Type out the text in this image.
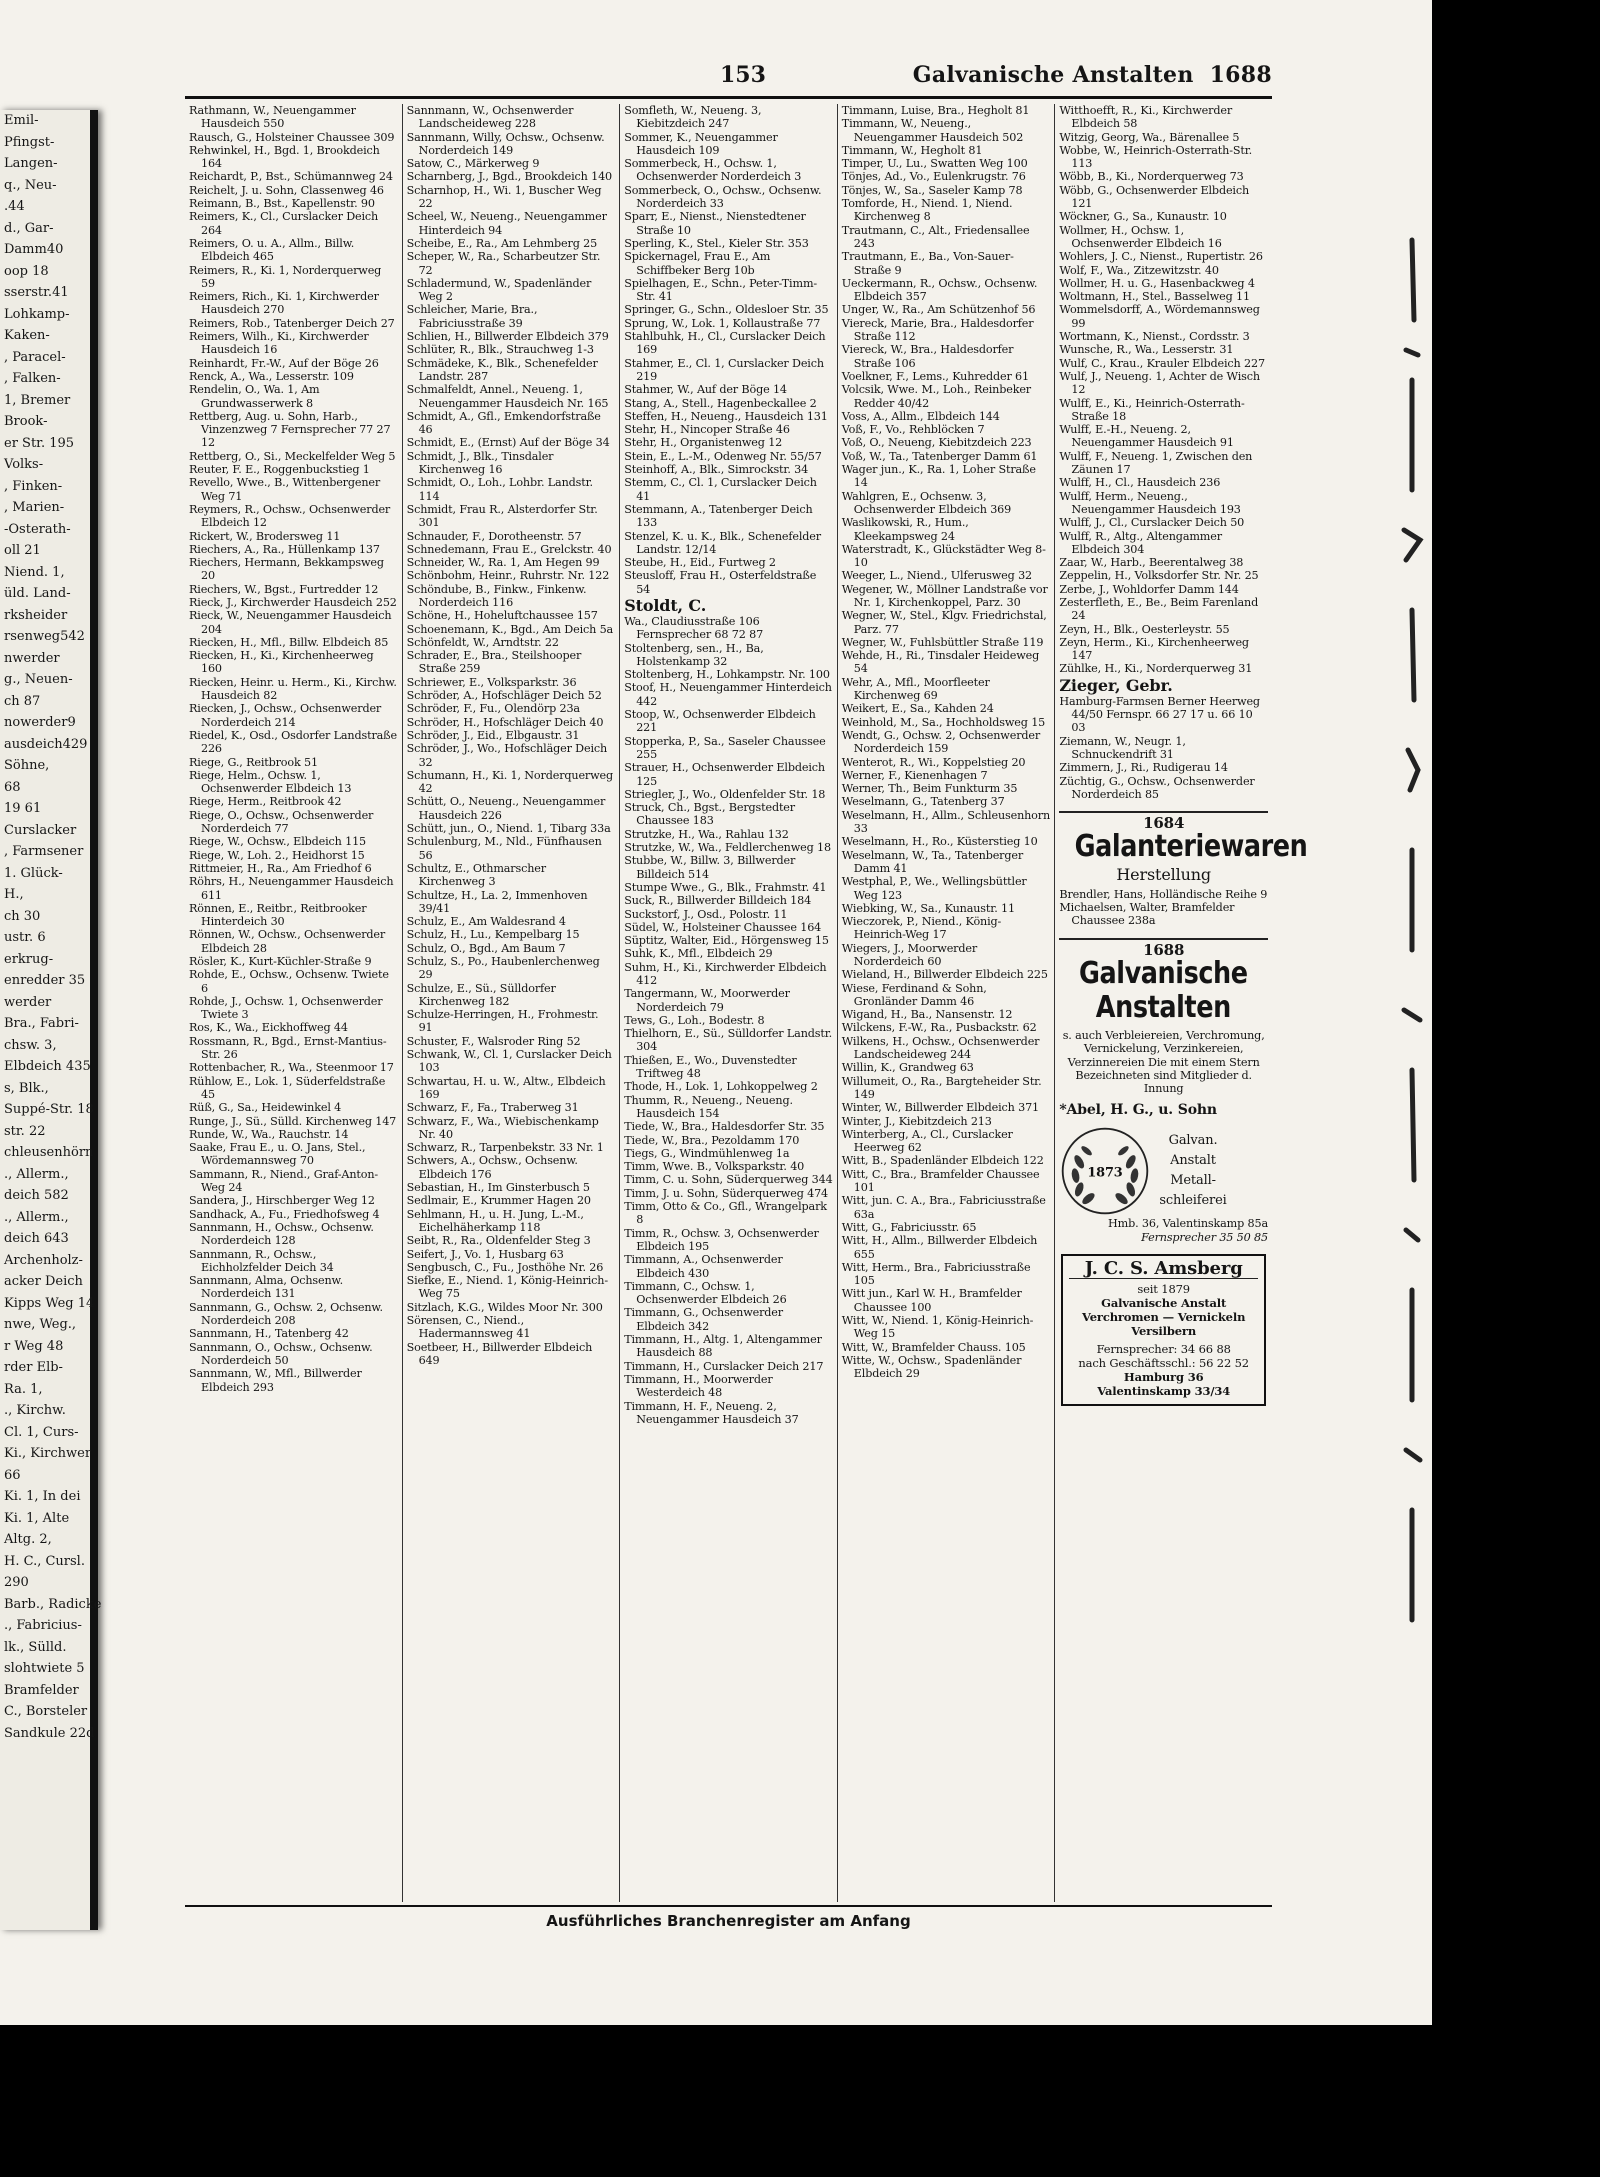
Emil-
Pfingst-
Langen-
q., Neu-
.44
d., Gar-
Damm40
oop 18
sserstr.41
Lohkamp-
Kaken-
, Paracel-
, Falken-
1, Bremer
Brook-
er Str. 195
Volks-
, Finken-
, Marien-
-Osterath-
oll 21
Niend. 1,
üld. Land-
rksheider
rsenweg542
nwerder
g., Neuen-
ch 87
nowerder9
ausdeich429
Söhne,
68
19 61
Curslacker
, Farmsener
1. Glück-
H.,
ch 30
ustr. 6
erkrug-
enredder 35
werder
Bra., Fabri-
chsw. 3,
Elbdeich 435
s, Blk.,
Suppé-Str. 18
str. 22
chleusenhörn
., Allerm.,
deich 582
., Allerm.,
deich 643
Archenholz-
acker Deich
Kipps Weg 14
nwe, Weg.,
r Weg 48
rder Elb-
Ra. 1,
., Kirchw.
Cl. 1, Curs-
Ki., Kirchwer
66
Ki. 1, In dei
Ki. 1, Alte
Altg. 2,
H. C., Cursl.
290
Barb., Radicke
., Fabricius-
lk., Sülld.
slohtwiete 5
Bramfelder
C., Borsteler
Sandkule 22d
153	Galvanische Anstalten 1688
Rathmann, W., Neuengammer Hausdeich 550
Rausch, G., Holsteiner Chaussee 309
Rehwinkel, H., Bgd. 1, Brookdeich 164
Reichardt, P., Bst., Schümannweg 24
Reichelt, J. u. Sohn, Classenweg 46
Reimann, B., Bst., Kapellenstr. 90
Reimers, K., Cl., Curslacker Deich 264
Reimers, O. u. A., Allm., Billw. Elbdeich 465
Reimers, R., Ki. 1, Norderquerweg 59
Reimers, Rich., Ki. 1, Kirchwerder Hausdeich 270
Reimers, Rob., Tatenberger Deich 27
Reimers, Wilh., Ki., Kirchwerder Hausdeich 16
Reinhardt, Fr.-W., Auf der Böge 26
Renck, A., Wa., Lesserstr. 109
Rendelin, O., Wa. 1, Am Grundwasserwerk 8
Rettberg, Aug. u. Sohn, Harb., Vinzenzweg 7 Fernsprecher 77 27 12
Rettberg, O., Si., Meckelfelder Weg 5
Reuter, F. E., Roggenbuckstieg 1
Revello, Wwe., B., Wittenbergener Weg 71
Reymers, R., Ochsw., Ochsenwerder Elbdeich 12
Rickert, W., Brodersweg 11
Riechers, A., Ra., Hüllenkamp 137
Riechers, Hermann, Bekkampsweg 20
Riechers, W., Bgst., Furtredder 12
Rieck, J., Kirchwerder Hausdeich 252
Rieck, W., Neuengammer Hausdeich 204
Riecken, H., Mfl., Billw. Elbdeich 85
Riecken, H., Ki., Kirchenheerweg 160
Riecken, Heinr. u. Herm., Ki., Kirchw. Hausdeich 82
Riecken, J., Ochsw., Ochsenwerder Norderdeich 214
Riedel, K., Osd., Osdorfer Landstraße 226
Riege, G., Reitbrook 51
Riege, Helm., Ochsw. 1, Ochsenwerder Elbdeich 13
Riege, Herm., Reitbrook 42
Riege, O., Ochsw., Ochsenwerder Norderdeich 77
Riege, W., Ochsw., Elbdeich 115
Riege, W., Loh. 2., Heidhorst 15
Rittmeier, H., Ra., Am Friedhof 6
Röhrs, H., Neuengammer Hausdeich 611
Rönnen, E., Reitbr., Reitbrooker Hinterdeich 30
Rönnen, W., Ochsw., Ochsenwerder Elbdeich 28
Rösler, K., Kurt-Küchler-Straße 9
Rohde, E., Ochsw., Ochsenw. Twiete 6
Rohde, J., Ochsw. 1, Ochsenwerder Twiete 3
Ros, K., Wa., Eickhoffweg 44
Rossmann, R., Bgd., Ernst-Mantius-Str. 26
Rottenbacher, R., Wa., Steenmoor 17
Rühlow, E., Lok. 1, Süderfeldstraße 45
Rüß, G., Sa., Heidewinkel 4
Runge, J., Sü., Sülld. Kirchenweg 147
Runde, W., Wa., Rauchstr. 14
Saake, Frau E., u. O. Jans, Stel., Wördemannsweg 70
Sammann, R., Niend., Graf-Anton-Weg 24
Sandera, J., Hirschberger Weg 12
Sandhack, A., Fu., Friedhofsweg 4
Sannmann, H., Ochsw., Ochsenw. Norderdeich 128
Sannmann, R., Ochsw., Eichholzfelder Deich 34
Sannmann, Alma, Ochsenw. Norderdeich 131
Sannmann, G., Ochsw. 2, Ochsenw. Norderdeich 208
Sannmann, H., Tatenberg 42
Sannmann, O., Ochsw., Ochsenw. Norderdeich 50
Sannmann, W., Mfl., Billwerder Elbdeich 293
Sannmann, W., Ochsenwerder Landscheideweg 228
Sannmann, Willy, Ochsw., Ochsenw. Norderdeich 149
Satow, C., Märkerweg 9
Scharnberg, J., Bgd., Brookdeich 140
Scharnhop, H., Wi. 1, Buscher Weg 22
Scheel, W., Neueng., Neuengammer Hinterdeich 94
Scheibe, E., Ra., Am Lehmberg 25
Scheper, W., Ra., Scharbeutzer Str. 72
Schladermund, W., Spadenländer Weg 2
Schleicher, Marie, Bra., Fabriciusstraße 39
Schlien, H., Billwerder Elbdeich 379
Schlüter, R., Blk., Strauchweg 1-3
Schmädeke, K., Blk., Schenefelder Landstr. 287
Schmalfeldt, Annel., Neueng. 1, Neuengammer Hausdeich Nr. 165
Schmidt, A., Gfl., Emkendorfstraße 46
Schmidt, E., (Ernst) Auf der Böge 34
Schmidt, J., Blk., Tinsdaler Kirchenweg 16
Schmidt, O., Loh., Lohbr. Landstr. 114
Schmidt, Frau R., Alsterdorfer Str. 301
Schnauder, F., Dorotheenstr. 57
Schnedemann, Frau E., Grelckstr. 40
Schneider, W., Ra. 1, Am Hegen 99
Schönbohm, Heinr., Ruhrstr. Nr. 122
Schöndube, B., Finkw., Finkenw. Norderdeich 116
Schöne, H., Hoheluftchaussee 157
Schoenemann, K., Bgd., Am Deich 5a
Schönfeldt, W., Arndtstr. 22
Schrader, E., Bra., Steilshooper Straße 259
Schriewer, E., Volksparkstr. 36
Schröder, A., Hofschläger Deich 52
Schröder, F., Fu., Olendörp 23a
Schröder, H., Hofschläger Deich 40
Schröder, J., Eid., Elbgaustr. 31
Schröder, J., Wo., Hofschläger Deich 32
Schumann, H., Ki. 1, Norderquerweg 42
Schütt, O., Neueng., Neuengammer Hausdeich 226
Schütt, jun., O., Niend. 1, Tibarg 33a
Schulenburg, M., Nld., Fünfhausen 56
Schultz, E., Othmarscher Kirchenweg 3
Schultze, H., La. 2, Immenhoven 39/41
Schulz, E., Am Waldesrand 4
Schulz, H., Lu., Kempelbarg 15
Schulz, O., Bgd., Am Baum 7
Schulz, S., Po., Haubenlerchenweg 29
Schulze, E., Sü., Sülldorfer Kirchenweg 182
Schulze-Herringen, H., Frohmestr. 91
Schuster, F., Walsroder Ring 52
Schwank, W., Cl. 1, Curslacker Deich 103
Schwartau, H. u. W., Altw., Elbdeich 169
Schwarz, F., Fa., Traberweg 31
Schwarz, F., Wa., Wiebischenkamp Nr. 40
Schwarz, R., Tarpenbekstr. 33 Nr. 1
Schwers, A., Ochsw., Ochsenw. Elbdeich 176
Sebastian, H., Im Ginsterbusch 5
Sedlmair, E., Krummer Hagen 20
Sehlmann, H., u. H. Jung, L.-M., Eichelhäherkamp 118
Seibt, R., Ra., Oldenfelder Steg 3
Seifert, J., Vo. 1, Husbarg 63
Sengbusch, C., Fu., Josthöhe Nr. 26
Siefke, E., Niend. 1, König-Heinrich-Weg 75
Sitzlach, K.G., Wildes Moor Nr. 300
Sörensen, C., Niend., Hadermannsweg 41
Soetbeer, H., Billwerder Elbdeich 649
Somfleth, W., Neueng. 3, Kiebitzdeich 247
Sommer, K., Neuengammer Hausdeich 109
Sommerbeck, H., Ochsw. 1, Ochsenwerder Norderdeich 3
Sommerbeck, O., Ochsw., Ochsenw. Norderdeich 33
Sparr, E., Nienst., Nienstedtener Straße 10
Sperling, K., Stel., Kieler Str. 353
Spickernagel, Frau E., Am Schiffbeker Berg 10b
Spielhagen, E., Schn., Peter-Timm-Str. 41
Springer, G., Schn., Oldesloer Str. 35
Sprung, W., Lok. 1, Kollaustraße 77
Stahlbuhk, H., Cl., Curslacker Deich 169
Stahmer, E., Cl. 1, Curslacker Deich 219
Stahmer, W., Auf der Böge 14
Stang, A., Stell., Hagenbeckallee 2
Steffen, H., Neueng., Hausdeich 131
Stehr, H., Nincoper Straße 46
Stehr, H., Organistenweg 12
Stein, E., L.-M., Odenweg Nr. 55/57
Steinhoff, A., Blk., Simrockstr. 34
Stemm, C., Cl. 1, Curslacker Deich 41
Stemmann, A., Tatenberger Deich 133
Stenzel, K. u. K., Blk., Schenefelder Landstr. 12/14
Steube, H., Eid., Furtweg 2
Steusloff, Frau H., Osterfeldstraße 54
Stoldt, C.
Wa., Claudiusstraße 106 Fernsprecher 68 72 87
Stoltenberg, sen., H., Ba, Holstenkamp 32
Stoltenberg, H., Lohkampstr. Nr. 100
Stoof, H., Neuengammer Hinterdeich 442
Stoop, W., Ochsenwerder Elbdeich 221
Stopperka, P., Sa., Saseler Chaussee 255
Strauer, H., Ochsenwerder Elbdeich 125
Striegler, J., Wo., Oldenfelder Str. 18
Struck, Ch., Bgst., Bergstedter Chaussee 183
Strutzke, H., Wa., Rahlau 132
Strutzke, W., Wa., Feldlerchenweg 18
Stubbe, W., Billw. 3, Billwerder Billdeich 514
Stumpe Wwe., G., Blk., Frahmstr. 41
Suck, R., Billwerder Billdeich 184
Suckstorf, J., Osd., Polostr. 11
Südel, W., Holsteiner Chaussee 164
Süptitz, Walter, Eid., Hörgensweg 15
Suhk, K., Mfl., Elbdeich 29
Suhm, H., Ki., Kirchwerder Elbdeich 412
Tangermann, W., Moorwerder Norderdeich 79
Tews, G., Loh., Bodestr. 8
Thielhorn, E., Sü., Sülldorfer Landstr. 304
Thießen, E., Wo., Duvenstedter Triftweg 48
Thode, H., Lok. 1, Lohkoppelweg 2
Thumm, R., Neueng., Neueng. Hausdeich 154
Tiede, W., Bra., Haldesdorfer Str. 35
Tiede, W., Bra., Pezoldamm 170
Tiegs, G., Windmühlenweg 1a
Timm, Wwe. B., Volksparkstr. 40
Timm, C. u. Sohn, Süderquerweg 344
Timm, J. u. Sohn, Süderquerweg 474
Timm, Otto & Co., Gfl., Wrangelpark 8
Timm, R., Ochsw. 3, Ochsenwerder Elbdeich 195
Timmann, A., Ochsenwerder Elbdeich 430
Timmann, C., Ochsw. 1, Ochsenwerder Elbdeich 26
Timmann, G., Ochsenwerder Elbdeich 342
Timmann, H., Altg. 1, Altengammer Hausdeich 88
Timmann, H., Curslacker Deich 217
Timmann, H., Moorwerder Westerdeich 48
Timmann, H. F., Neueng. 2, Neuengammer Hausdeich 37
Timmann, Luise, Bra., Hegholt 81
Timmann, W., Neueng., Neuengammer Hausdeich 502
Timmann, W., Hegholt 81
Timper, U., Lu., Swatten Weg 100
Tönjes, Ad., Vo., Eulenkrugstr. 76
Tönjes, W., Sa., Saseler Kamp 78
Tomforde, H., Niend. 1, Niend. Kirchenweg 8
Trautmann, C., Alt., Friedensallee 243
Trautmann, E., Ba., Von-Sauer-Straße 9
Ueckermann, R., Ochsw., Ochsenw. Elbdeich 357
Unger, W., Ra., Am Schützenhof 56
Viereck, Marie, Bra., Haldesdorfer Straße 112
Viereck, W., Bra., Haldesdorfer Straße 106
Voelkner, F., Lems., Kuhredder 61
Volcsik, Wwe. M., Loh., Reinbeker Redder 40/42
Voss, A., Allm., Elbdeich 144
Voß, F., Vo., Rehblöcken 7
Voß, O., Neueng, Kiebitzdeich 223
Voß, W., Ta., Tatenberger Damm 61
Wager jun., K., Ra. 1, Loher Straße 14
Wahlgren, E., Ochsenw. 3, Ochsenwerder Elbdeich 369
Waslikowski, R., Hum., Kleekampsweg 24
Waterstradt, K., Glückstädter Weg 8-10
Weeger, L., Niend., Ulferusweg 32
Wegener, W., Möllner Landstraße vor Nr. 1, Kirchenkoppel, Parz. 30
Wegner, W., Stel., Klgv. Friedrichstal, Parz. 77
Wegner, W., Fuhlsbüttler Straße 119
Wehde, H., Ri., Tinsdaler Heideweg 54
Wehr, A., Mfl., Moorfleeter Kirchenweg 69
Weikert, E., Sa., Kahden 24
Weinhold, M., Sa., Hochholdsweg 15
Wendt, G., Ochsw. 2, Ochsenwerder Norderdeich 159
Wenterot, R., Wi., Koppelstieg 20
Werner, F., Kienenhagen 7
Werner, Th., Beim Funkturm 35
Weselmann, G., Tatenberg 37
Weselmann, H., Allm., Schleusenhorn 33
Weselmann, H., Ro., Küsterstieg 10
Weselmann, W., Ta., Tatenberger Damm 41
Westphal, P., We., Wellingsbüttler Weg 123
Wiebking, W., Sa., Kunaustr. 11
Wieczorek, P., Niend., König-Heinrich-Weg 17
Wiegers, J., Moorwerder Norderdeich 60
Wieland, H., Billwerder Elbdeich 225
Wiese, Ferdinand & Sohn, Gronländer Damm 46
Wigand, H., Ba., Nansenstr. 12
Wilckens, F.-W., Ra., Pusbackstr. 62
Wilkens, H., Ochsw., Ochsenwerder Landscheideweg 244
Willin, K., Grandweg 63
Willumeit, O., Ra., Bargteheider Str. 149
Winter, W., Billwerder Elbdeich 371
Winter, J., Kiebitzdeich 213
Winterberg, A., Cl., Curslacker Heerweg 62
Witt, B., Spadenländer Elbdeich 122
Witt, C., Bra., Bramfelder Chaussee 101
Witt, jun. C. A., Bra., Fabriciusstraße 63a
Witt, G., Fabriciusstr. 65
Witt, H., Allm., Billwerder Elbdeich 655
Witt, Herm., Bra., Fabriciusstraße 105
Witt jun., Karl W. H., Bramfelder Chaussee 100
Witt, W., Niend. 1, König-Heinrich-Weg 15
Witt, W., Bramfelder Chauss. 105
Witte, W., Ochsw., Spadenländer Elbdeich 29
Witthoefft, R., Ki., Kirchwerder Elbdeich 58
Witzig, Georg, Wa., Bärenallee 5
Wobbe, W., Heinrich-Osterrath-Str. 113
Wöbb, B., Ki., Norderquerweg 73
Wöbb, G., Ochsenwerder Elbdeich 121
Wöckner, G., Sa., Kunaustr. 10
Wollmer, H., Ochsw. 1, Ochsenwerder Elbdeich 16
Wohlers, J. C., Nienst., Rupertistr. 26
Wolf, F., Wa., Zitzewitzstr. 40
Wollmer, H. u. G., Hasenbackweg 4
Woltmann, H., Stel., Basselweg 11
Wommelsdorff, A., Wördemannsweg 99
Wortmann, K., Nienst., Cordsstr. 3
Wunsche, R., Wa., Lesserstr. 31
Wulf, C., Krau., Krauler Elbdeich 227
Wulf, J., Neueng. 1, Achter de Wisch 12
Wulff, E., Ki., Heinrich-Osterrath-Straße 18
Wulff, E.-H., Neueng. 2, Neuengammer Hausdeich 91
Wulff, F., Neueng. 1, Zwischen den Zäunen 17
Wulff, H., Cl., Hausdeich 236
Wulff, Herm., Neueng., Neuengammer Hausdeich 193
Wulff, J., Cl., Curslacker Deich 50
Wulff, R., Altg., Altengammer Elbdeich 304
Zaar, W., Harb., Beerentalweg 38
Zeppelin, H., Volksdorfer Str. Nr. 25
Zerbe, J., Wohldorfer Damm 144
Zesterfleth, E., Be., Beim Farenland 24
Zeyn, H., Blk., Oesterleystr. 55
Zeyn, Herm., Ki., Kirchenheerweg 147
Zühlke, H., Ki., Norderquerweg 31
Zieger, Gebr.
Hamburg-Farmsen Berner Heerweg 44/50 Fernspr. 66 27 17 u. 66 10 03
Ziemann, W., Neugr. 1, Schnuckendrift 31
Zimmern, J., Ri., Rudigerau 14
Züchtig, G., Ochsw., Ochsenwerder Norderdeich 85
1684
Galanteriewaren
Herstellung
Brendler, Hans, Holländische Reihe 9
Michaelsen, Walter, Bramfelder Chaussee 238a
1688
Galvanische
Anstalten
s. auch Verbleiereien, Verchromung, Vernickelung, Verzinkereien, Verzinnereien Die mit einem Stern Bezeichneten sind Mitglieder d. Innung
*Abel, H. G., u. Sohn
1873
Galvan.
Anstalt
Metall-
schleiferei
Hmb. 36, Valentinskamp 85a
Fernsprecher 35 50 85
J. C. S. Amsberg
seit 1879
Galvanische Anstalt
Verchromen — Vernickeln
Versilbern
Fernsprecher: 34 66 88
nach Geschäftsschl.: 56 22 52
Hamburg 36
Valentinskamp 33/34
Ausführliches Branchenregister am Anfang
